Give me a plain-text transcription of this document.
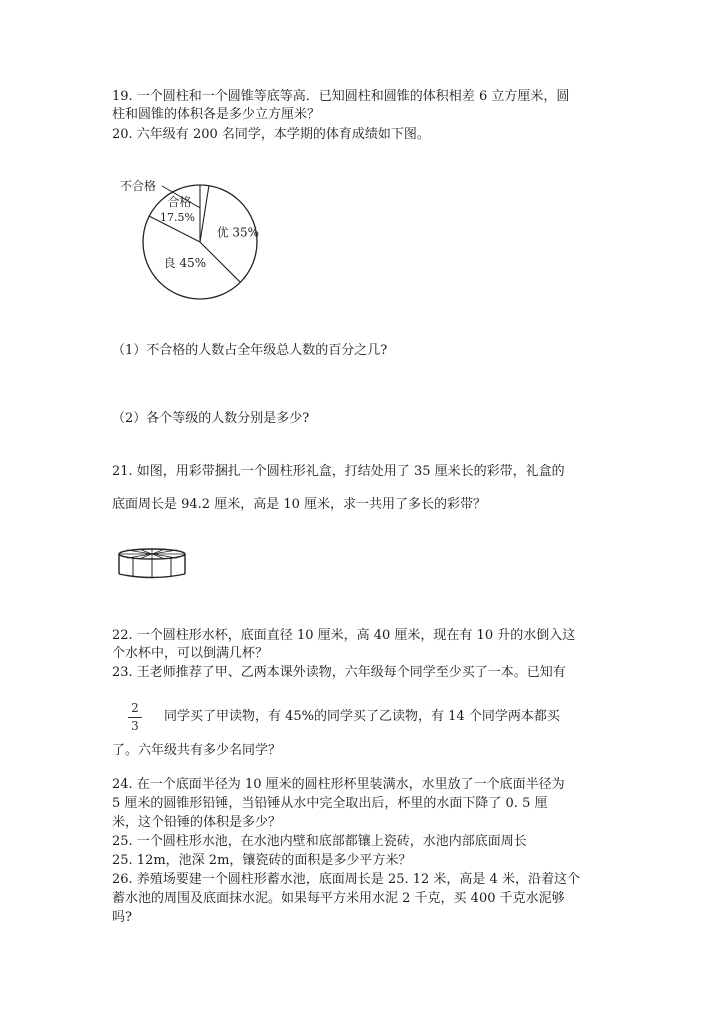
19. 一个圆柱和一个圆锥等底等高．已知圆柱和圆锥的体积相差 6 立方厘米，圆
柱和圆锥的体积各是多少立方厘米？
20. 六年级有 200 名同学，本学期的体育成绩如下图。
优 35%
良 45%
合格
17.5%
不合格
（1）不合格的人数占全年级总人数的百分之几?
（2）各个等级的人数分别是多少?
21. 如图，用彩带捆扎一个圆柱形礼盒，打结处用了 35 厘米长的彩带，礼盒的
底面周长是 94.2 厘米，高是 10 厘米，求一共用了多长的彩带？
22. 一个圆柱形水杯，底面直径 10 厘米，高 40 厘米，现在有 10 升的水倒入这
个水杯中，可以倒满几杯？
23. 王老师推荐了甲、乙两本课外读物，六年级每个同学至少买了一本。已知有
2
3
同学买了甲读物，有 45%的同学买了乙读物，有 14 个同学两本都买
了。六年级共有多少名同学？
24. 在一个底面半径为 10 厘米的圆柱形杯里装满水，水里放了一个底面半径为
5 厘米的圆锥形铅锤，当铅锤从水中完全取出后，杯里的水面下降了 0. 5 厘
米，这个铅锤的体积是多少？
25. 一个圆柱形水池，在水池内壁和底部都镶上瓷砖，水池内部底面周长
25. 12m，池深 2m，镶瓷砖的面积是多少平方米？
26. 养殖场要建一个圆柱形蓄水池，底面周长是 25. 12 米，高是 4 米，沿着这个
蓄水池的周围及底面抹水泥。如果每平方米用水泥 2 千克，买 400 千克水泥够
吗?
